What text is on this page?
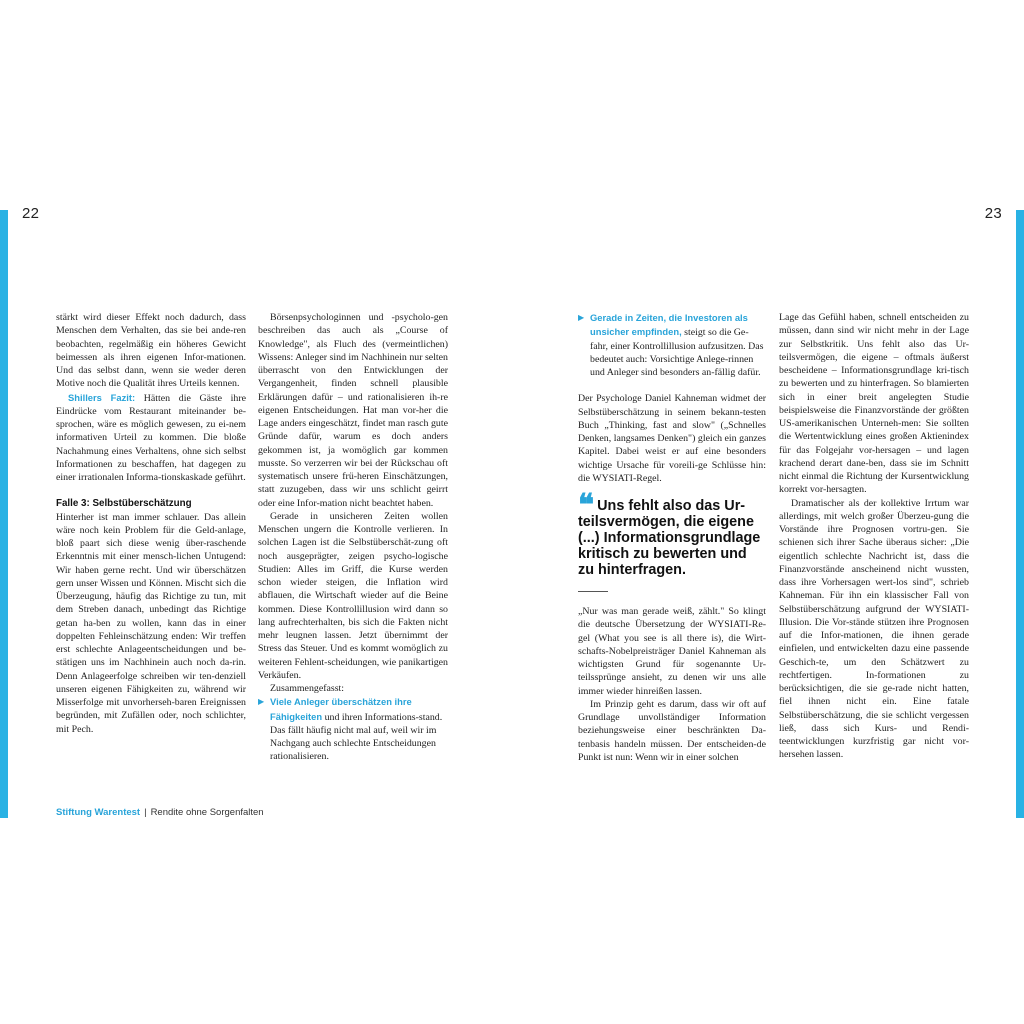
22	23

stärkt wird dieser Effekt noch dadurch, dass Menschen dem Verhalten, das sie bei ande-ren beobachten, regelmäßig ein höheres Gewicht beimessen als ihren eigenen Infor-mationen. Und das selbst dann, wenn sie weder deren Motive noch die Qualität ihres Urteils kennen.

Shillers Fazit: Hätten die Gäste ihre Eindrücke vom Restaurant miteinander be-sprochen, wäre es möglich gewesen, zu ei-nem informativen Urteil zu kommen. Die bloße Nachahmung eines Verhaltens, ohne sich selbst Informationen zu beschaffen, hat dagegen zu einer irrationalen Informa-tionskaskade geführt.

Falle 3: Selbstüberschätzung

Hinterher ist man immer schlauer. Das allein wäre noch kein Problem für die Geld-anlage, bloß paart sich diese wenig über-raschende Erkenntnis mit einer mensch-lichen Untugend: Wir haben gerne recht. Und wir überschätzen gern unser Wissen und Können. Mischt sich die Überzeugung, häufig das Richtige zu tun, mit dem Streben danach, unbedingt das Richtige getan ha-ben zu wollen, kann das in einer doppelten Fehleinschätzung enden: Wir treffen erst schlechte Anlageentscheidungen und be-stätigen uns im Nachhinein auch noch da-rin. Denn Anlageerfolge schreiben wir ten-denziell unseren eigenen Fähigkeiten zu, während wir Misserfolge mit unvorherseh-baren Ereignissen begründen, mit Zufällen oder, noch schlichter, mit Pech.

Börsenpsychologinnen und -psycholo-gen beschreiben das auch als „Course of Knowledge", als Fluch des (vermeintlichen) Wissens: Anleger sind im Nachhinein nur selten überrascht von den Entwicklungen der Vergangenheit, finden schnell plausible Erklärungen dafür – und rationalisieren ih-re eigenen Entscheidungen. Hat man vor-her die Lage anders eingeschätzt, findet man rasch gute Gründe dafür, warum es doch anders gekommen ist, ja womöglich gar kommen musste. So verzerren wir bei der Rückschau oft systematisch unsere frü-heren Einschätzungen, statt zuzugeben, dass wir uns schlicht geirrt oder eine Infor-mation nicht beachtet haben.

Gerade in unsicheren Zeiten wollen Menschen ungern die Kontrolle verlieren. In solchen Lagen ist die Selbstüberschät-zung oft noch ausgeprägter, zeigen psycho-logische Studien: Alles im Griff, die Kurse werden schon wieder steigen, die Inflation wird abflauen, die Wirtschaft wieder auf die Beine kommen. Diese Kontrollillusion wird dann so lang aufrechterhalten, bis sich die Fakten nicht mehr leugnen lassen. Jetzt übernimmt der Stress das Steuer. Und es kommt womöglich zu weiteren Fehlent-scheidungen, wie panikartigen Verkäufen.

Zusammengefasst:

▶ Viele Anleger überschätzen ihre Fähigkeiten und ihren Informations-stand. Das fällt häufig nicht mal auf, weil wir im Nachgang auch schlechte Entscheidungen rationalisieren.
▶ Gerade in Zeiten, die Investoren als unsicher empfinden, steigt so die Ge-fahr, einer Kontrollillusion aufzusitzen. Das bedeutet auch: Vorsichtige Anlege-rinnen und Anleger sind besonders an-fällig dafür.

Der Psychologe Daniel Kahneman widmet der Selbstüberschätzung in seinem bekann-testen Buch „Thinking, fast and slow" („Schnelles Denken, langsames Denken") gleich ein ganzes Kapitel. Dabei weist er auf eine besonders wichtige Ursache für voreili-ge Schlüsse hin: die WYSIATI-Regel.

❝ Uns fehlt also das Ur-teilsvermögen, die eigene (...) Informationsgrundlage kritisch zu bewerten und zu hinterfragen.

„Nur was man gerade weiß, zählt." So klingt die deutsche Übersetzung der WYSIATI-Re-gel (What you see is all there is), die Wirt-schafts-Nobelpreisträger Daniel Kahneman als wichtigsten Grund für sogenannte Ur-teilssprünge ansieht, zu denen wir uns alle immer wieder hinreißen lassen.

Im Prinzip geht es darum, dass wir oft auf Grundlage unvollständiger Information beziehungsweise einer beschränkten Da-tenbasis handeln müssen. Der entscheiden-de Punkt ist nun: Wenn wir in einer solchen

Lage das Gefühl haben, schnell entscheiden zu müssen, dann sind wir nicht mehr in der Lage zur Selbstkritik. Uns fehlt also das Ur-teilsvermögen, die eigene – oftmals äußerst bescheidene – Informationsgrundlage kri-tisch zu bewerten und zu hinterfragen. So blamierten sich in einer breit angelegten Studie beispielsweise die Finanzvorstände der größten US-amerikanischen Unterneh-men: Sie sollten die Wertentwicklung eines großen Aktienindex für das Folgejahr vor-hersagen – und lagen krachend derart dane-ben, dass sie im Schnitt nicht einmal die Richtung der Kursentwicklung korrekt vor-hersagten.

Dramatischer als der kollektive Irrtum war allerdings, mit welch großer Überzeu-gung die Vorstände ihre Prognosen vortru-gen. Sie schienen sich ihrer Sache überaus sicher: „Die eigentlich schlechte Nachricht ist, dass die Finanzvorstände anscheinend nicht wussten, dass ihre Vorhersagen wert-los sind", schrieb Kahneman. Für ihn ein klassischer Fall von Selbstüberschätzung aufgrund der WYSIATI-Illusion. Die Vor-stände stützen ihre Prognosen auf die Infor-mationen, die ihnen gerade einfielen, und entwickelten dazu eine passende Geschich-te, um den Schätzwert zu rechtfertigen. In-formationen zu berücksichtigen, die sie ge-rade nicht hatten, fiel ihnen nicht ein. Eine fatale Selbstüberschätzung, die sie schlicht vergessen ließ, dass sich Kurs- und Rendi-teentwicklungen kurzfristig gar nicht vor-hersehen lassen.

Stiftung Warentest | Rendite ohne Sorgenfalten
